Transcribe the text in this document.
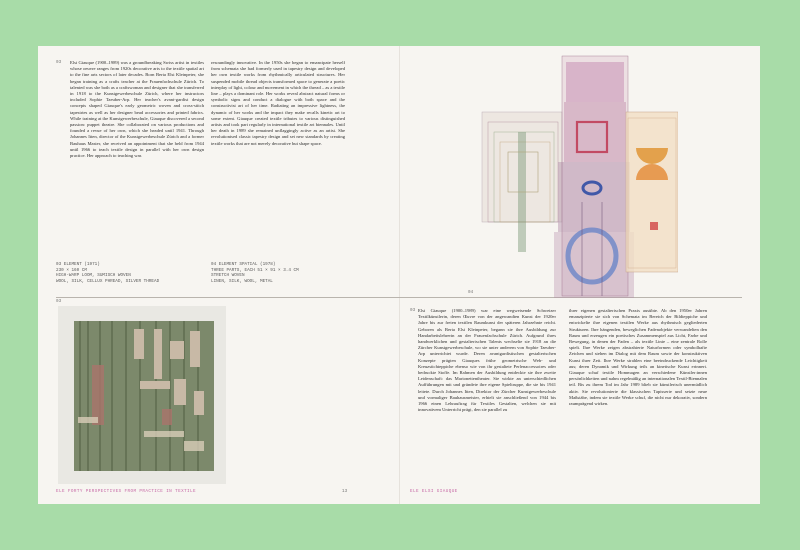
03 Elsi Giauque (1900–1989) was a groundbreaking Swiss artist in textiles whose oeuvre ranges from 1920s decorative arts to the textile spatial art to the fine arts sectors of later decades. Born Berta Elsi Kleinpeter, she began training as a crafts teacher at the Frauenfachschule Zürich. To talented was she both as a craftswoman and designer that she transferred in 1918 to the Kunstgewerbeschule Zürich, where her instructors included Sophie Taeuber-Arp. Her teacher's avant-gardist design concepts shaped Giauque's early geometric woven and cross-stitch tapestries as well as her designer bead accessories and printed fabrics. While training at the Kunstgewerbeschule, Giauque discovered a second passion: puppet theatre. She collaborated on various productions and founded a revue of her own, which she headed until 1941. Through Johannes Itten, director of the Kunstgewerbeschule Zürich and a former Bauhaus Master, she received an appointment that she held from 1944 until 1966 to teach textile design in parallel with her own design practice. Her approach to teaching was
resoundingly innovative. In the 1950s she began to emancipate herself from schemata she had formerly used in tapestry design and developed her own textile works from rhythmically articulated structures. Her suspended mobile thread objects transformed space to generate a poetic interplay of light, colour and movement in which the thread – as a textile line – plays a dominant role. Her works reveal abstract natural forms or symbolic signs and conduct a dialogue with both space and the constructivist art of her time. Radiating an impressive lightness, the dynamic of her works and the impact they make recalls kinetic art to some extent. Giauque created textile tributes to various distinguished artists and took part regularly in international textile art biennales. Until her death in 1989 she remained unflaggingly active as an artist. She revolutionised classic tapestry design and set new standards by creating textile works that are not merely decorative but shape space.
03 ELEMENT (1971)
230 × 160 CM
HIGH-WARP LOOM, SUMISCH WOVEN
WOOL, SILK, CELLUX PHREAD, SILVER THREAD
04 ELEMENT SPATIAL (1978)
THREE PARTS, EACH 51 × 91 × 3.4 CM
STRETCH WOVEN
LINEN, SILK, WOOL, METAL
04
03
03 Elsi Giauque (1900–1989) war eine wegweisende Schweizer Textilkünstlerin, deren Œuvre von der angewandten Kunst der 1920er Jahre bis zur freien textilen Raumkunst der späteren Jahrzehnte reicht. Geboren als Berta Elsi Kleinpeter, begann sie ihre Ausbildung zur Handarbeitslehrerin an der Frauenfachschule Zürich. Aufgrund ihres handwerklichen und gestalterischen Talents wechselte sie 1918 an die Zürcher Kunstgewerbeschule, wo sie unter anderem von Sophie Taeuber-Arp unterrichtet wurde. Deren avantgardistischen gestalterischen Konzepte prägten Giauques frühe geometrische Web- und Kreuzstichteppiche ebenso wie von ihr gestaltete Perlenaccessoires oder bedruckte Stoffe. Im Rahmen der Ausbildung entdeckte sie ihre zweite Leidenschaft: das Marionettentheater. Sie wirkte an unterschiedlichen Aufführungen mit und gründete ihre eigene Spieltruppe, die sie bis 1941 leitete. Durch Johannes Itten, Direktor der Zürcher Kunstgewerbeschule und vormaliger Bauhausmeister, erhielt sie anschließend von 1944 bis 1966 einen Lehrauftrag für Textiles Gestalten, welchen sie mit innovativem Unterricht prägt, den sie parallel zu
ihrer eigenen gestalterischen Praxis ausübte. Ab den 1950er Jahren emanzipierte sie sich von Schemata im Bereich der Bildteppiche und entwickelte ihre eigenen textilen Werke aus rhythmisch gegliederten Strukturen. Ihre hängenden, beweglichen Fadenobjekte verwandelten den Raum und erzeugen ein poetisches Zusammenspiel aus Licht, Farbe und Bewegung, in denen der Faden – als textile Linie – eine zentrale Rolle spielt. Ihre Werke zeigen abstrahierte Naturformen oder symbolhafte Zeichen und stehen im Dialog mit dem Raum sowie der konstruktiven Kunst ihrer Zeit. Ihre Werke strahlen eine beeindruckende Leichtigkeit aus; deren Dynamik und Wirkung teils an kinetische Kunst erinnert. Giauque schuf textile Hommagen an verschiedene Künstler:innen persönlichkeiten und nahm regelmäßig an internationalen Textil-Biennalen teil. Bis zu ihrem Tod im Jahr 1989 blieb sie künstlerisch unermüdlich aktiv. Sie revolutionierte die klassischen Tapisserie und setzte neue Maßstäbe, indem sie textile Werke schuf, die nicht nur dekorativ, sondern raumprägend wirken.
ELE FORTY PERSPECTIVES FROM PRACTICE IN TEXTILE	13	ELE ELSI GIAUQUE
